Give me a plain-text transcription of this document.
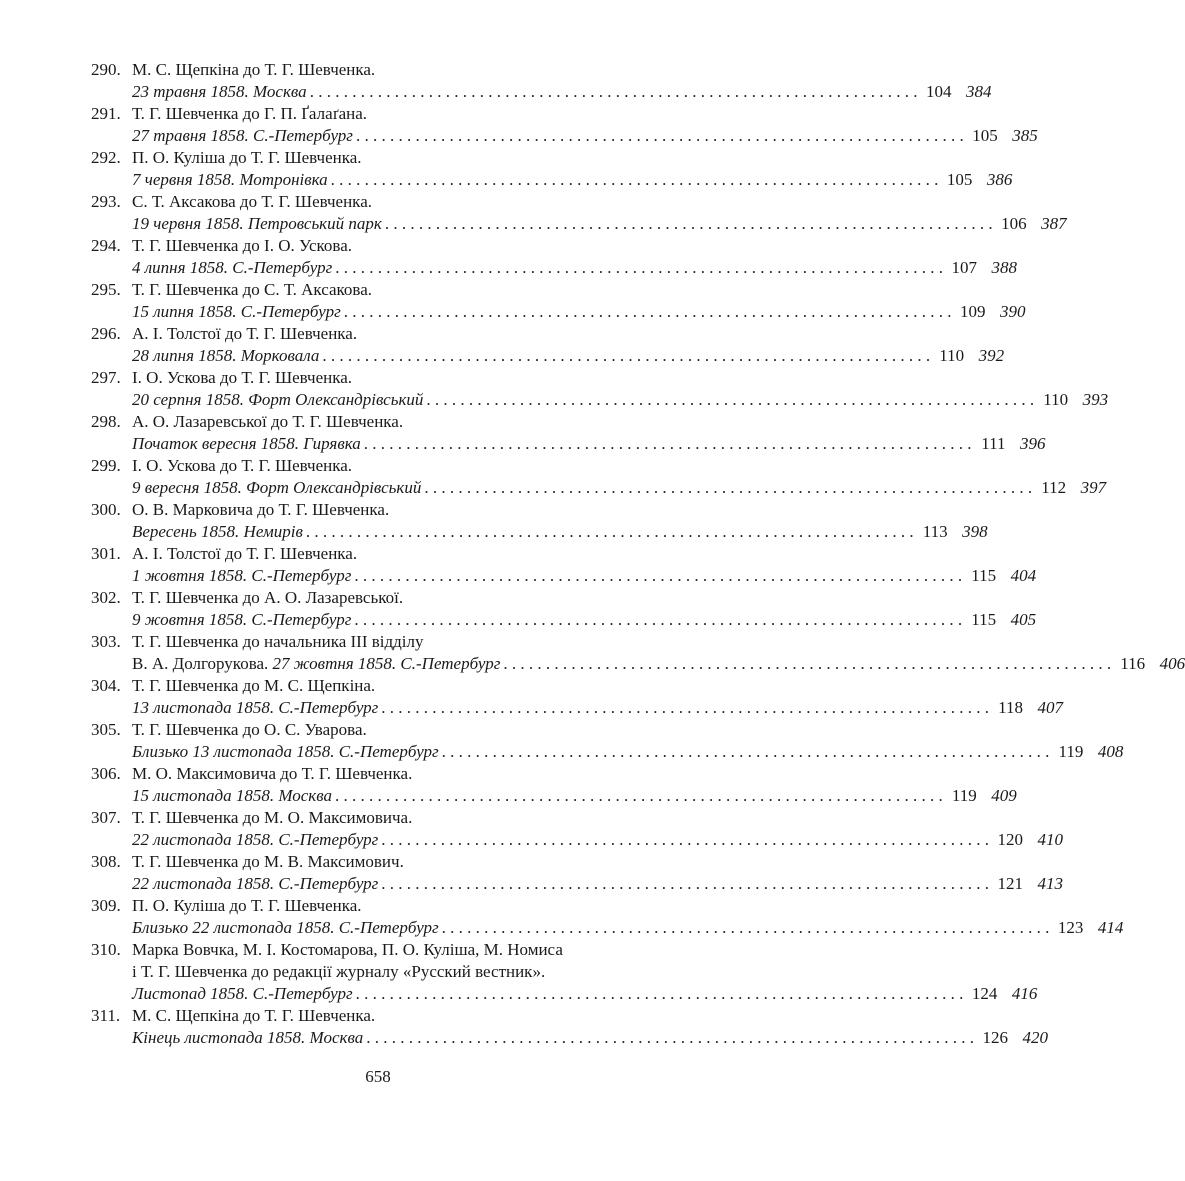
290. М. С. Щепкіна до Т. Г. Шевченка.
23 травня 1858. Москва . . .	104 384
291. Т. Г. Шевченка до Г. П. Ґалаґана.
27 травня 1858. С.-Петербург . . .	105 385
292. П. О. Куліша до Т. Г. Шевченка.
7 червня 1858. Мотронівка . . .	105 386
293. С. Т. Аксакова до Т. Г. Шевченка.
19 червня 1858. Петровський парк . . .	106 387
294. Т. Г. Шевченка до І. О. Ускова.
4 липня 1858. С.-Петербург . . .	107 388
295. Т. Г. Шевченка до С. Т. Аксакова.
15 липня 1858. С.-Петербург . . .	109 390
296. А. І. Толстої до Т. Г. Шевченка.
28 липня 1858. Морковала . . .	110 392
297. І. О. Ускова до Т. Г. Шевченка.
20 серпня 1858. Форт Олександрівський . . .	110 393
298. А. О. Лазаревської до Т. Г. Шевченка.
Початок вересня 1858. Гирявка . . .	111 396
299. І. О. Ускова до Т. Г. Шевченка.
9 вересня 1858. Форт Олександрівський . . .	112 397
300. О. В. Марковича до Т. Г. Шевченка.
Вересень 1858. Немирів . . .	113 398
301. А. І. Толстої до Т. Г. Шевченка.
1 жовтня 1858. С.-Петербург . . .	115 404
302. Т. Г. Шевченка до А. О. Лазаревської.
9 жовтня 1858. С.-Петербург . . .	115 405
303. Т. Г. Шевченка до начальника ІІІ відділу
В. А. Долгорукова. 27 жовтня 1858. С.-Петербург . . .	116 406
304. Т. Г. Шевченка до М. С. Щепкіна.
13 листопада 1858. С.-Петербург . . .	118 407
305. Т. Г. Шевченка до О. С. Уварова.
Близько 13 листопада 1858. С.-Петербург . . .	119 408
306. М. О. Максимовича до Т. Г. Шевченка.
15 листопада 1858. Москва . . .	119 409
307. Т. Г. Шевченка до М. О. Максимовича.
22 листопада 1858. С.-Петербург . . .	120 410
308. Т. Г. Шевченка до М. В. Максимович.
22 листопада 1858. С.-Петербург . . .	121 413
309. П. О. Куліша до Т. Г. Шевченка.
Близько 22 листопада 1858. С.-Петербург . . .	123 414
310. Марка Вовчка, М. І. Костомарова, П. О. Куліша, М. Номиса
і Т. Г. Шевченка до редакції журналу «Русский вестник».
Листопад 1858. С.-Петербург . . .	124 416
311. М. С. Щепкіна до Т. Г. Шевченка.
Кінець листопада 1858. Москва . . .	126 420
658
